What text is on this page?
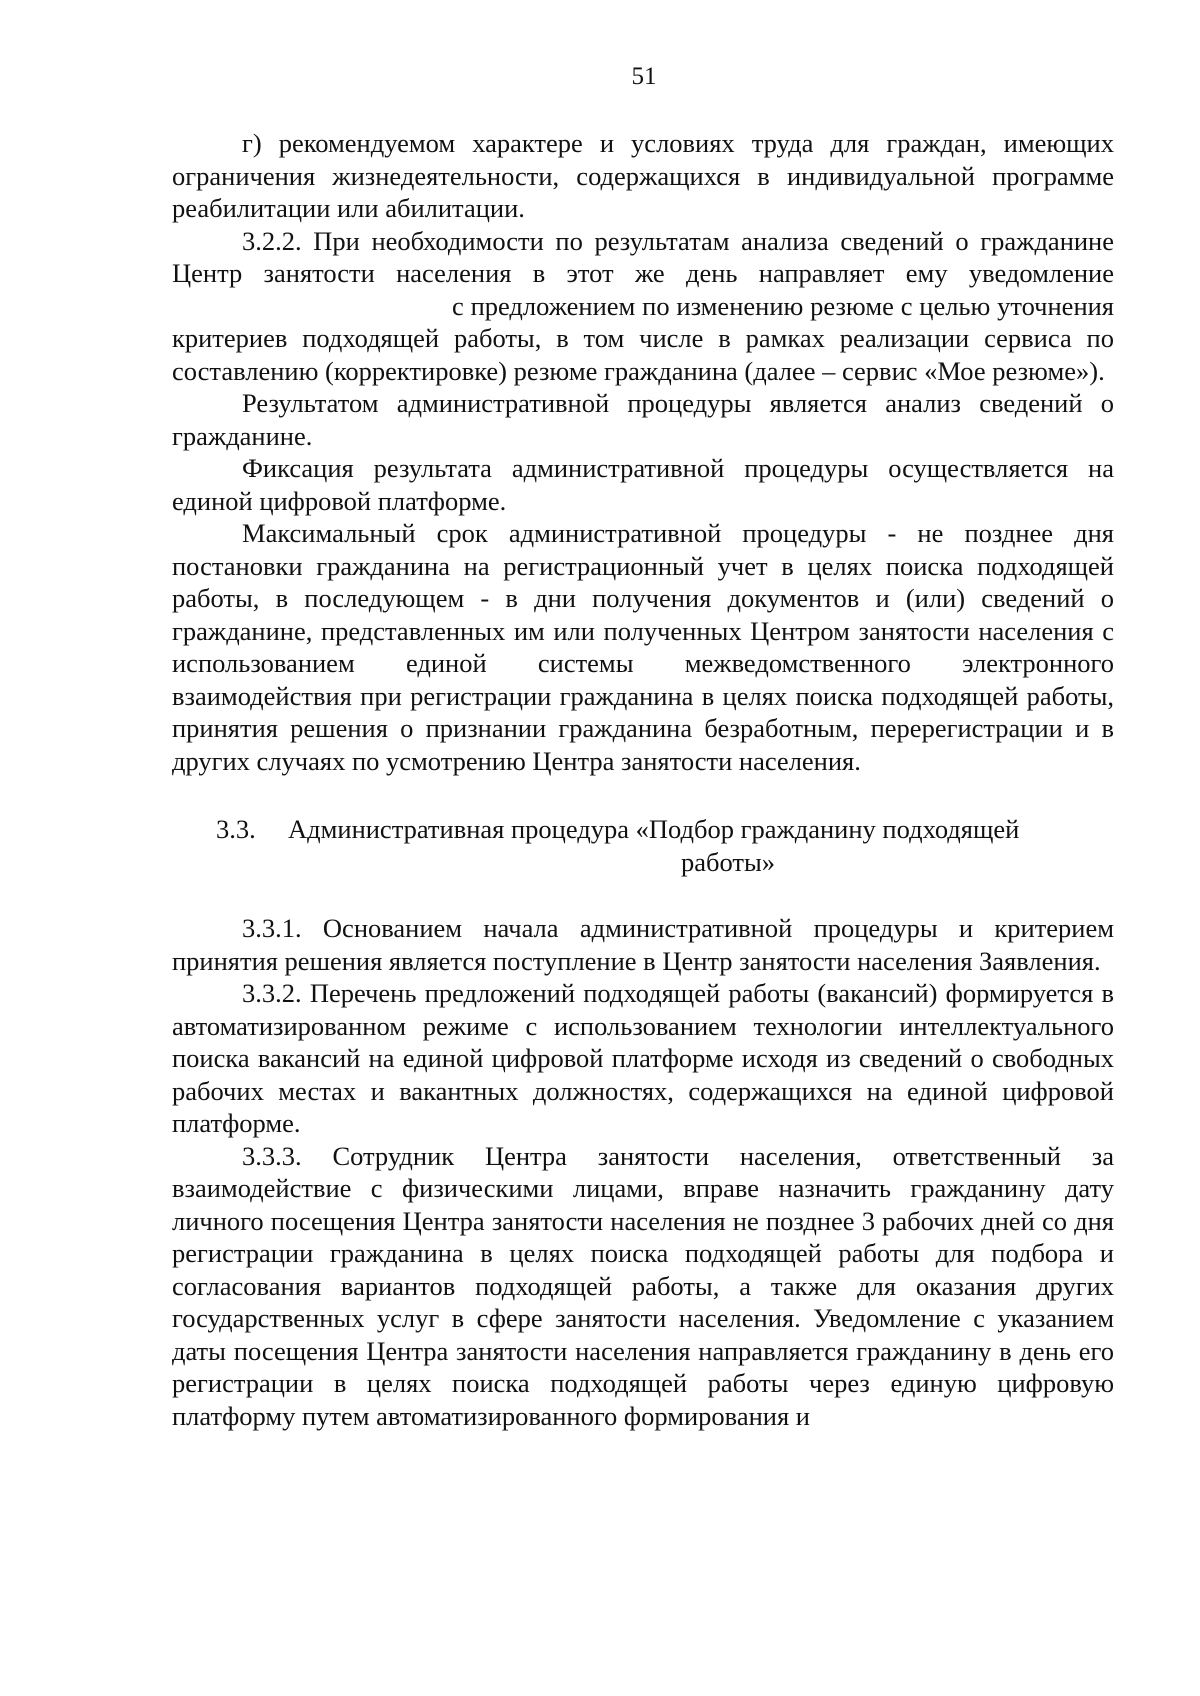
51

г) рекомендуемом характере и условиях труда для граждан, имеющих ограничения жизнедеятельности, содержащихся в индивидуальной программе реабилитации или абилитации.

3.2.2. При необходимости по результатам анализа сведений о гражданине Центр занятости населения в этот же день направляет ему уведомлениес предложением по изменению резюме с целью уточнения критериев подходящей работы, в том числе в рамках реализации сервиса по составлению (корректировке) резюме гражданина (далее – сервис «Мое резюме»).

Результатом административной процедуры является анализ сведений о гражданине.

Фиксация результата административной процедуры осуществляется на единой цифровой платформе.

Максимальный срок административной процедуры - не позднее дня постановки гражданина на регистрационный учет в целях поиска подходящей работы, в последующем - в дни получения документов и (или) сведений о гражданине, представленных им или полученных Центром занятости населения с использованием единой системы межведомственного электронного взаимодействия при регистрации гражданина в целях поиска подходящей работы, принятия решения о признании гражданина безработным, перерегистрации и в других случаях по усмотрению Центра занятости населения.

3.3.	Административная процедура «Подбор гражданину подходящей
работы»

3.3.1. Основанием начала административной процедуры и критерием принятия решения является поступление в Центр занятости населения Заявления.

3.3.2. Перечень предложений подходящей работы (вакансий) формируется в автоматизированном режиме с использованием технологии интеллектуального поиска вакансий на единой цифровой платформе исходя из сведений о свободных рабочих местах и вакантных должностях, содержащихся на единой цифровой платформе.

3.3.3. Сотрудник Центра занятости населения, ответственный за взаимодействие с физическими лицами, вправе назначить гражданину дату личного посещения Центра занятости населения не позднее 3 рабочих дней со дня регистрации гражданина в целях поиска подходящей работы для подбора и согласования вариантов подходящей работы, а также для оказания других государственных услуг в сфере занятости населения. Уведомление с указанием даты посещения Центра занятости населения направляется гражданину в день его регистрации в целях поиска подходящей работы через единую цифровую платформу путем автоматизированного формирования и
